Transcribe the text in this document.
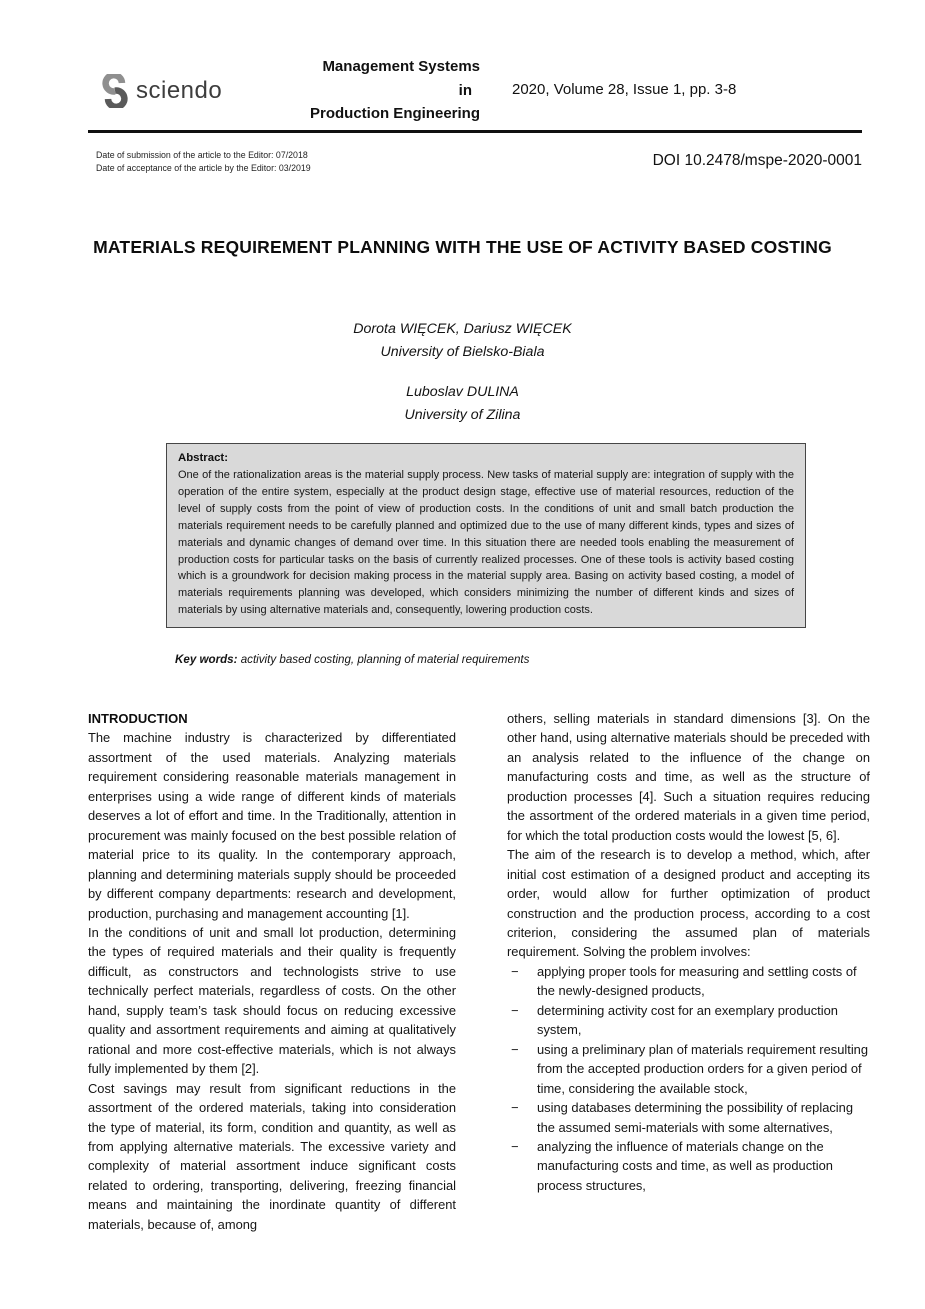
sciendo
Management Systems
in
Production Engineering
2020, Volume 28, Issue 1, pp. 3-8
Date of submission of the article to the Editor: 07/2018
Date of acceptance of the article by the Editor: 03/2019	DOI 10.2478/mspe-2020-0001
MATERIALS REQUIREMENT PLANNING WITH THE USE OF ACTIVITY BASED COSTING
Dorota WIĘCEK, Dariusz WIĘCEK
University of Bielsko-Biala
Luboslav DULINA
University of Zilina
Abstract:
One of the rationalization areas is the material supply process. New tasks of material supply are: integration of supply with the operation of the entire system, especially at the product design stage, effective use of material resources, reduction of the level of supply costs from the point of view of production costs. In the conditions of unit and small batch production the materials requirement needs to be carefully planned and optimized due to the use of many different kinds, types and sizes of materials and dynamic changes of demand over time. In this situation there are needed tools enabling the measurement of production costs for particular tasks on the basis of currently realized processes. One of these tools is activity based costing which is a groundwork for decision making process in the material supply area. Basing on activity based costing, a model of materials requirements planning was developed, which considers minimizing the number of different kinds and sizes of materials by using alternative materials and, consequently, lowering production costs.
Key words: activity based costing, planning of material requirements
INTRODUCTION

The machine industry is characterized by differentiated assortment of the used materials. Analyzing materials requirement considering reasonable materials management in enterprises using a wide range of different kinds of materials deserves a lot of effort and time. In the Traditionally, attention in procurement was mainly focused on the best possible relation of material price to its quality. In the contemporary approach, planning and determining materials supply should be proceeded by different company departments: research and development, production, purchasing and management accounting [1].

In the conditions of unit and small lot production, determining the types of required materials and their quality is frequently difficult, as constructors and technologists strive to use technically perfect materials, regardless of costs. On the other hand, supply team’s task should focus on reducing excessive quality and assortment requirements and aiming at qualitatively rational and more cost-effective materials, which is not always fully implemented by them [2].

Cost savings may result from significant reductions in the assortment of the ordered materials, taking into consideration the type of material, its form, condition and quantity, as well as from applying alternative materials. The excessive variety and complexity of material assortment induce significant costs related to ordering, transporting, delivering, freezing financial means and maintaining the inordinate quantity of different materials, because of, among

others, selling materials in standard dimensions [3]. On the other hand, using alternative materials should be preceded with an analysis related to the influence of the change on manufacturing costs and time, as well as the structure of production processes [4]. Such a situation requires reducing the assortment of the ordered materials in a given time period, for which the total production costs would the lowest [5, 6].

The aim of the research is to develop a method, which, after initial cost estimation of a designed product and accepting its order, would allow for further optimization of product construction and the production process, according to a cost criterion, considering the assumed plan of materials requirement. Solving the problem involves:

−	applying proper tools for measuring and settling costs of the newly-designed products,
−	determining activity cost for an exemplary production system,
−	using a preliminary plan of materials requirement resulting from the accepted production orders for a given period of time, considering the available stock,
−	using databases determining the possibility of replacing the assumed semi-materials with some alternatives,
−	analyzing the influence of materials change on the manufacturing costs and time, as well as production process structures,
